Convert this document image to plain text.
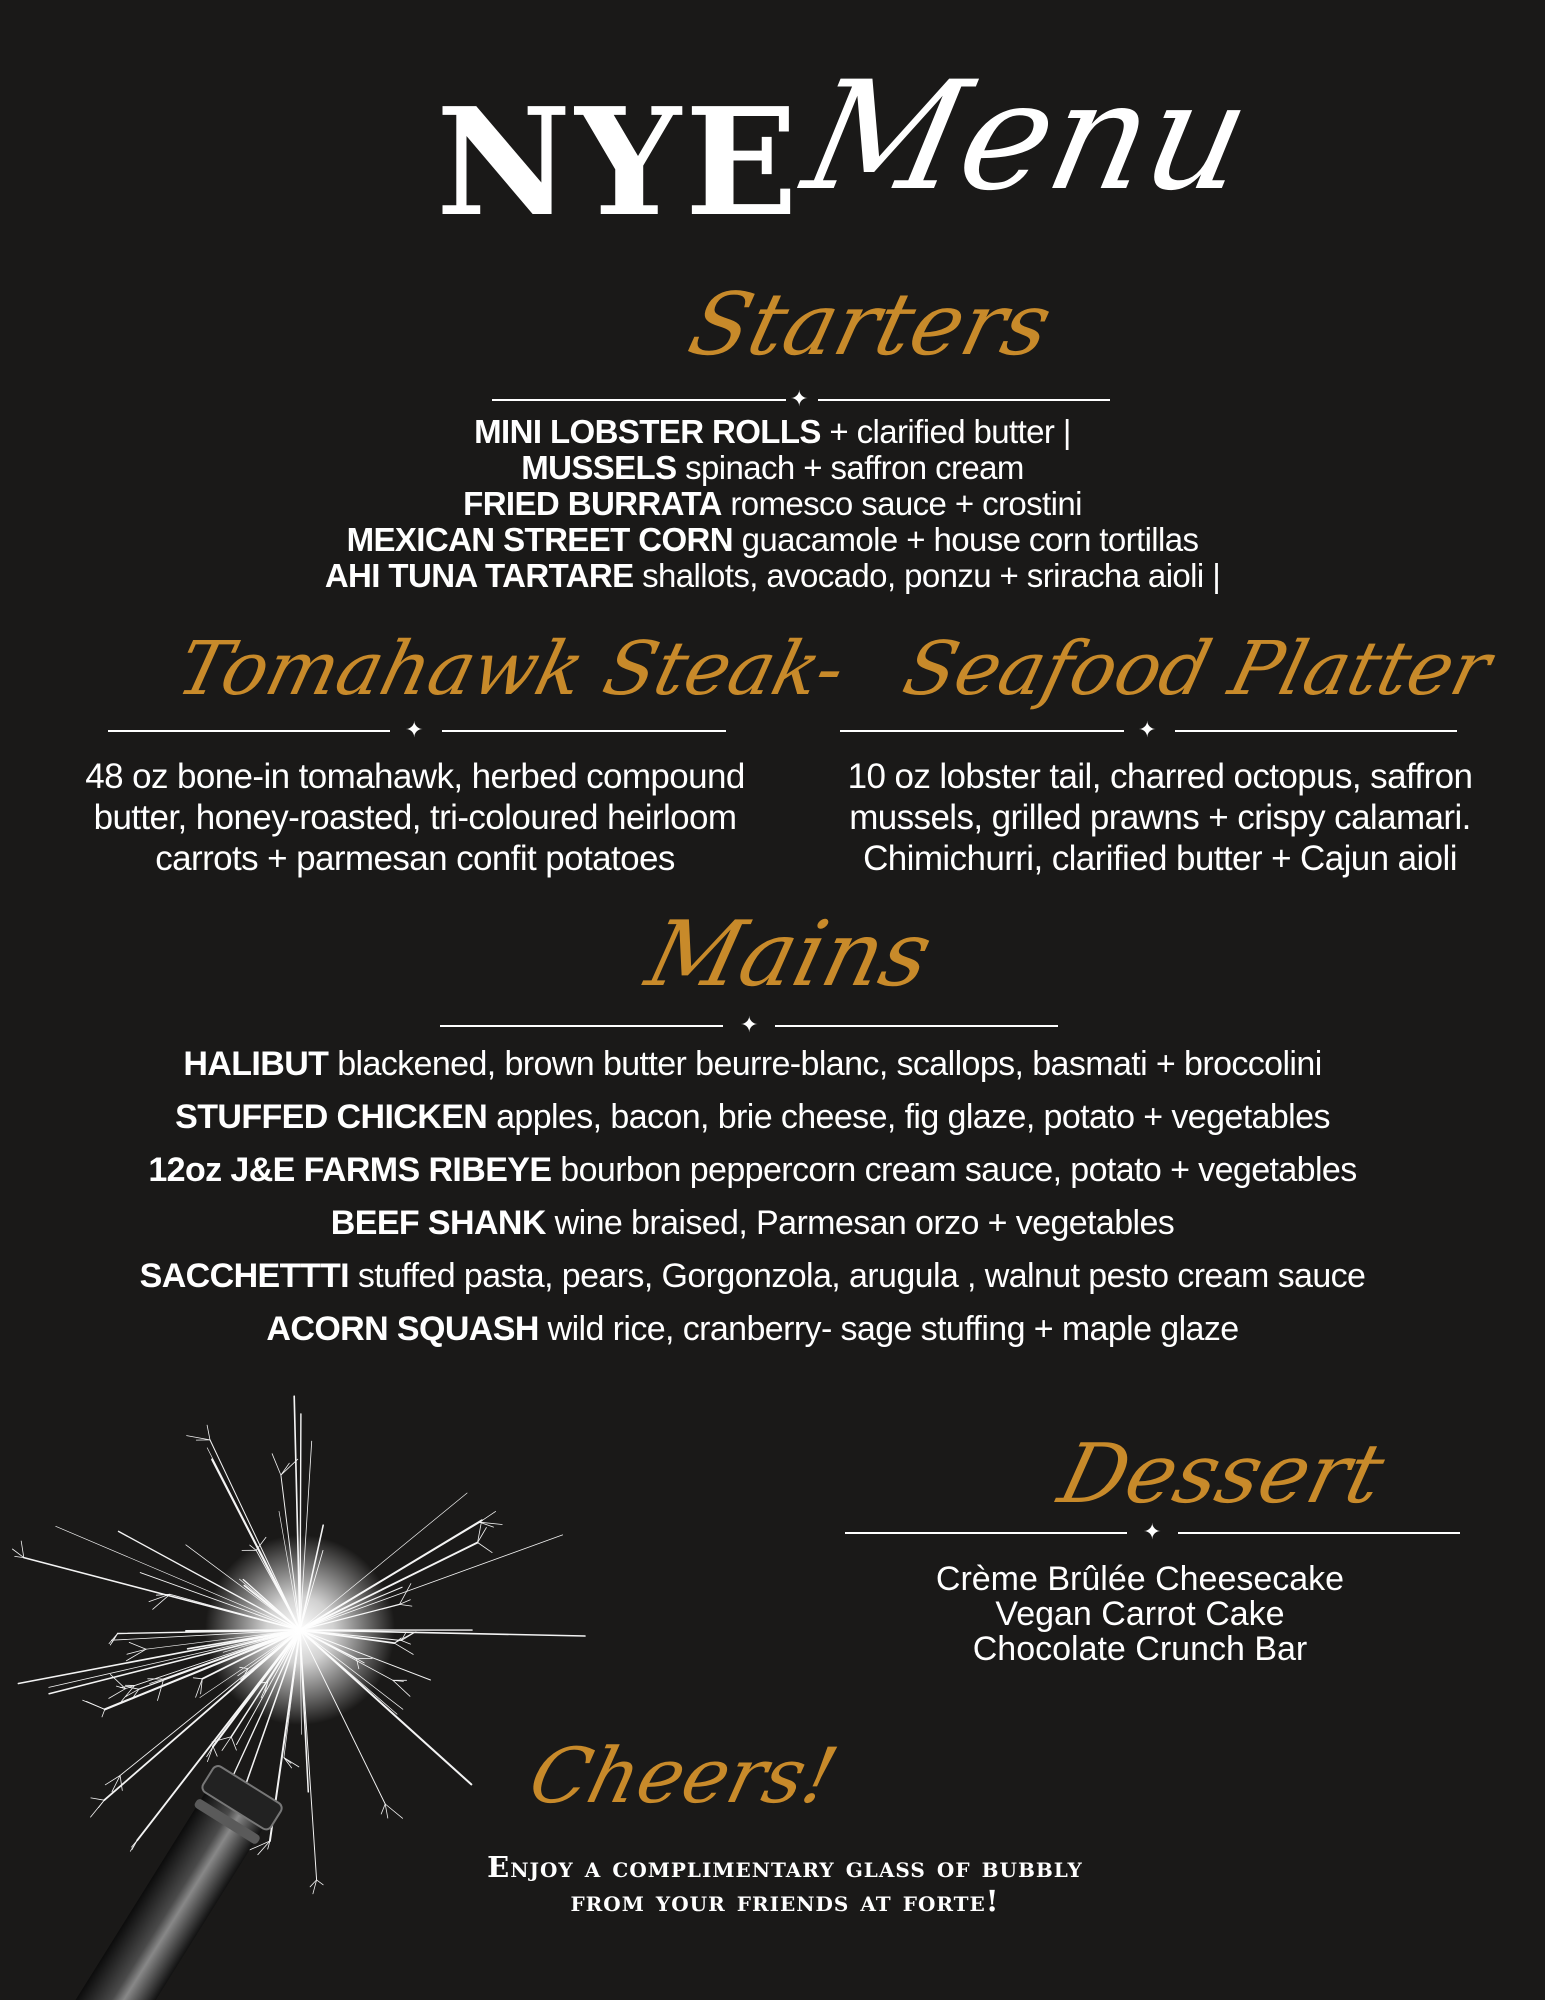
NYE
Menu
Starters
✦
MINI LOBSTER ROLLS + clarified butter |
MUSSELS spinach + saffron cream
FRIED BURRATA romesco sauce + crostini
MEXICAN STREET CORN guacamole + house corn tortillas
AHI TUNA TARTARE shallots, avocado, ponzu + sriracha aioli |
Tomahawk Steak-
✦
48 oz bone-in tomahawk, herbed compound
butter, honey-roasted, tri-coloured heirloom
carrots + parmesan confit potatoes
Seafood Platter
✦
10 oz lobster tail, charred octopus, saffron
mussels, grilled prawns + crispy calamari.
Chimichurri, clarified butter + Cajun aioli
Mains
✦
HALIBUT blackened, brown butter beurre-blanc, scallops, basmati + broccolini
STUFFED CHICKEN apples, bacon, brie cheese, fig glaze, potato + vegetables
12oz J&E FARMS RIBEYE bourbon peppercorn cream sauce, potato + vegetables
BEEF SHANK wine braised, Parmesan orzo + vegetables
SACCHETTTI stuffed pasta, pears, Gorgonzola, arugula , walnut pesto cream sauce
ACORN SQUASH wild rice, cranberry- sage stuffing + maple glaze
Dessert
✦
Crème Brûlée Cheesecake
Vegan Carrot Cake
Chocolate Crunch Bar
Cheers!
Enjoy a complimentary glass of bubbly
from your friends at forte!
